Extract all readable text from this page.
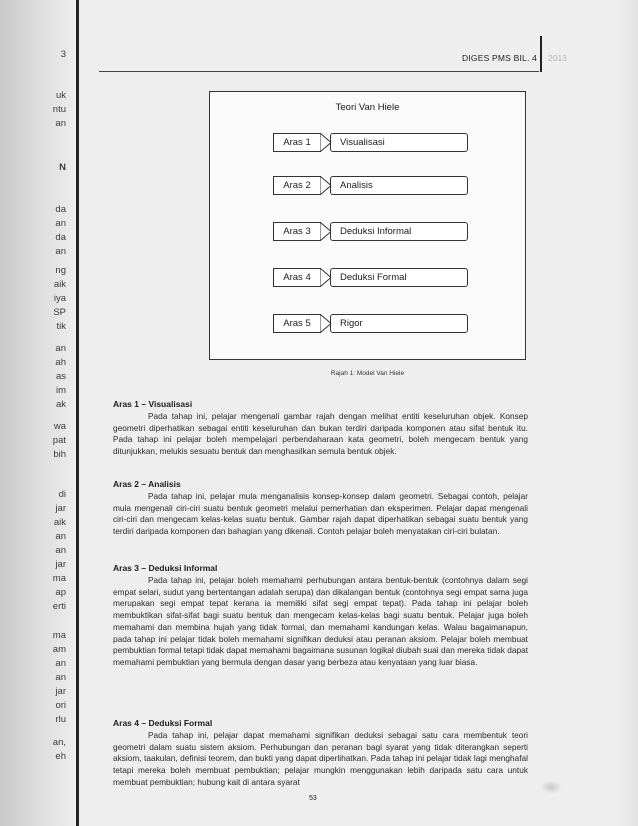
3
uk
ntu
an
N
da
an
da
an
ng
aik
iya
SP
tik
an
ah
as
im
ak
wa
pat
bih
di
jar
aik
an
an
jar
ma
ap
erti
ma
am
an
an
jar
ori
rlu
an,
eh
DIGES PMS BIL. 4 2013
Teori Van Hiele
Aras 1	Visualisasi
Aras 2	Analisis
Aras 3	Deduksi Informal
Aras 4	Deduksi Formal
Aras 5	Rigor
Rajah 1: Model Van Hiele
Aras 1 – Visualisasi

Pada tahap ini, pelajar mengenali gambar rajah dengan melihat entiti keseluruhan objek. Konsep geometri diperhatikan sebagai entiti keseluruhan dan bukan terdiri daripada komponen atau sifat bentuk itu. Pada tahap ini pelajar boleh mempelajari perbendaharaan kata geometri, boleh mengecam bentuk yang ditunjukkan, melukis sesuatu bentuk dan menghasilkan semula bentuk objek.

Aras 2 – Analisis

Pada tahap ini, pelajar mula menganalisis konsep-konsep dalam geometri. Sebagai contoh, pelajar mula mengenali ciri-ciri suatu bentuk geometri melalui pemerhatian dan eksperimen. Pelajar dapat mengenali ciri-ciri dan mengecam kelas-kelas suatu bentuk. Gambar rajah dapat diperhatikan sebagai suatu bentuk yang terdiri daripada komponen dan bahagian yang dikenali. Contoh pelajar boleh menyatakan ciri-ciri bulatan.

Aras 3 – Deduksi Informal

Pada tahap ini, pelajar boleh memahami perhubungan antara bentuk-bentuk (contohnya dalam segi empat selari, sudut yang bertentangan adalah serupa) dan dikalangan bentuk (contohnya segi empat sama juga merupakan segi empat tepat kerana ia memiliki sifat segi empat tepat). Pada tahap ini pelajar boleh membuktikan sifat-sifat bagi suatu bentuk dan mengecam kelas-kelas bagi suatu bentuk. Pelajar juga boleh memahami dan membina hujah yang tidak formal, dan memahami kandungan kelas. Walau bagaimanapun, pada tahap ini pelajar tidak boleh memahami signifikan deduksi atau peranan aksiom. Pelajar boleh membuat pembuktian formal tetapi tidak dapat memahami bagaimana susunan logikal diubah suai dan mereka tidak dapat memahami pembuktian yang bermula dengan dasar yang berbeza atau kenyataan yang luar biasa.

Aras 4 – Deduksi Formal

Pada tahap ini, pelajar dapat memahami signifikan deduksi sebagai satu cara membentuk teori geometri dalam suatu sistem aksiom. Perhubungan dan peranan bagi syarat yang tidak diterangkan seperti aksiom, taakulan, definisi teorem, dan bukti yang dapat diperlihatkan. Pada tahap ini pelajar tidak lagi menghafal tetapi mereka boleh membuat pembuktian; pelajar mungkin menggunakan lebih daripada satu cara untuk membuat pembuktian; hubung kait di antara syarat

53
